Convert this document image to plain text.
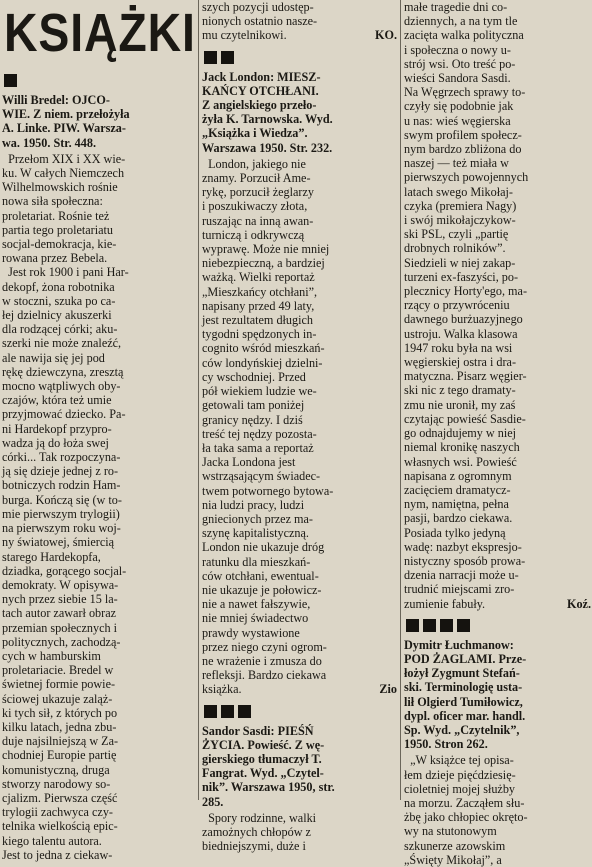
KSIĄŻKI
Willi Bredel: OJCO-
WIE. Z niem. przełożyła
A. Linke. PIW. Warsza-
wa. 1950. Str. 448.
Przełom XIX i XX wie-
ku. W całych Niemczech
Wilhelmowskich rośnie
nowa siła społeczna:
proletariat. Rośnie też
partia tego proletariatu
socjal-demokracja, kie-
rowana przez Bebela.
Jest rok 1900 i pani Har-
dekopf, żona robotnika
w stoczni, szuka po ca-
łej dzielnicy akuszerki
dla rodzącej córki; aku-
szerki nie może znaleźć,
ale nawija się jej pod
rękę dziewczyna, zresztą
mocno wątpliwych oby-
czajów, która też umie
przyjmować dziecko. Pa-
ni Hardekopf przypro-
wadza ją do łoża swej
córki... Tak rozpoczyna-
ją się dzieje jednej z ro-
botniczych rodzin Ham-
burga. Kończą się (w to-
mie pierwszym trylogii)
na pierwszym roku woj-
ny światowej, śmiercią
starego Hardekopfa,
dziadka, gorącego socjal-
demokraty. W opisywa-
nych przez siebie 15 la-
tach autor zawarł obraz
przemian społecznych i
politycznych, zachodzą-
cych w hamburskim
proletariacie. Bredel w
świetnej formie powie-
ściowej ukazuje zaląż-
ki tych sił, z których po
kilku latach, jedna zbu-
duje najsilniejszą w Za-
chodniej Europie partię
komunistyczną, druga
stworzy narodowy so-
cjalizm. Pierwsza część
trylogii zachwyca czy-
telnika wielkością epic-
kiego talentu autora.
Jest to jedna z ciekaw-
szych pozycji udostęp-
nionych ostatnio nasze-
mu czytelnikowi.	KO.
Jack London: MIESZ-
KAŃCY OTCHŁANI.
Z angielskiego przeło-
żyła K. Tarnowska. Wyd.
„Książka i Wiedza”.
Warszawa 1950. Str. 232.
London, jakiego nie
znamy. Porzucił Ame-
rykę, porzucił żeglarzy
i poszukiwaczy złota,
ruszając na inną awan-
turniczą i odkrywczą
wyprawę. Może nie mniej
niebezpieczną, a bardziej
ważką. Wielki reportaż
„Mieszkańcy otchłani”,
napisany przed 49 laty,
jest rezultatem długich
tygodni spędzonych in-
cognito wśród mieszkań-
ców londyńskiej dzielni-
cy wschodniej. Przed
pół wiekiem ludzie we-
getowali tam poniżej
granicy nędzy. I dziś
treść tej nędzy pozosta-
ła taka sama a reportaż
Jacka Londona jest
wstrząsającym świadec-
twem potwornego bytowa-
nia ludzi pracy, ludzi
gniecionych przez ma-
szynę kapitalistyczną.
London nie ukazuje dróg
ratunku dla mieszkań-
ców otchłani, ewentual-
nie ukazuje je połowicz-
nie a nawet fałszywie,
nie mniej świadectwo
prawdy wystawione
przez niego czyni ogrom-
ne wrażenie i zmusza do
refleksji. Bardzo ciekawa
książka.	Zio
Sandor Sasdi: PIEŚŃ
ŻYCIA. Powieść. Z wę-
gierskiego tłumaczył T.
Fangrat. Wyd. „Czytel-
nik”. Warszawa 1950, str.
285.
Spory rodzinne, walki
zamożnych chłopów z
biedniejszymi, duże i
małe tragedie dni co-
dziennych, a na tym tle
zacięta walka polityczna
i społeczna o nowy u-
strój wsi. Oto treść po-
wieści Sandora Sasdi.
Na Węgrzech sprawy to-
czyły się podobnie jak
u nas: wieś węgierska
swym profilem społecz-
nym bardzo zbliżona do
naszej — też miała w
pierwszych powojennych
latach swego Mikołaj-
czyka (premiera Nagy)
i swój mikołajczykow-
ski PSL, czyli „partię
drobnych rolników”.
Siedzieli w niej zakap-
turzeni ex-faszyści, po-
plecznicy Horty'ego, ma-
rzący o przywróceniu
dawnego burżuazyjnego
ustroju. Walka klasowa
1947 roku była na wsi
węgierskiej ostra i dra-
matyczna. Pisarz węgier-
ski nic z tego dramaty-
zmu nie uronił, my zaś
czytając powieść Sasdie-
go odnajdujemy w niej
niemal kronikę naszych
własnych wsi. Powieść
napisana z ogromnym
zacięciem dramatycz-
nym, namiętna, pełna
pasji, bardzo ciekawa.
Posiada tylko jedyną
wadę: nazbyt ekspresjo-
nistyczny sposób prowa-
dzenia narracji może u-
trudnić miejscami zro-
zumienie fabuły.	Koź.
Dymitr Łuchmanow:
POD ŻAGLAMI. Prze-
łożył Zygmunt Stefań-
ski. Terminologię usta-
lił Olgierd Tumiłowicz,
dypl. oficer mar. handl.
Sp. Wyd. „Czytelnik”,
1950. Stron 262.
„W książce tej opisa-
łem dzieje pięćdziesię-
cioletniej mojej służby
na morzu. Zacząłem słu-
żbę jako chłopiec okręto-
wy na stutonowym
szkunerze azowskim
„Święty Mikołaj”, a
